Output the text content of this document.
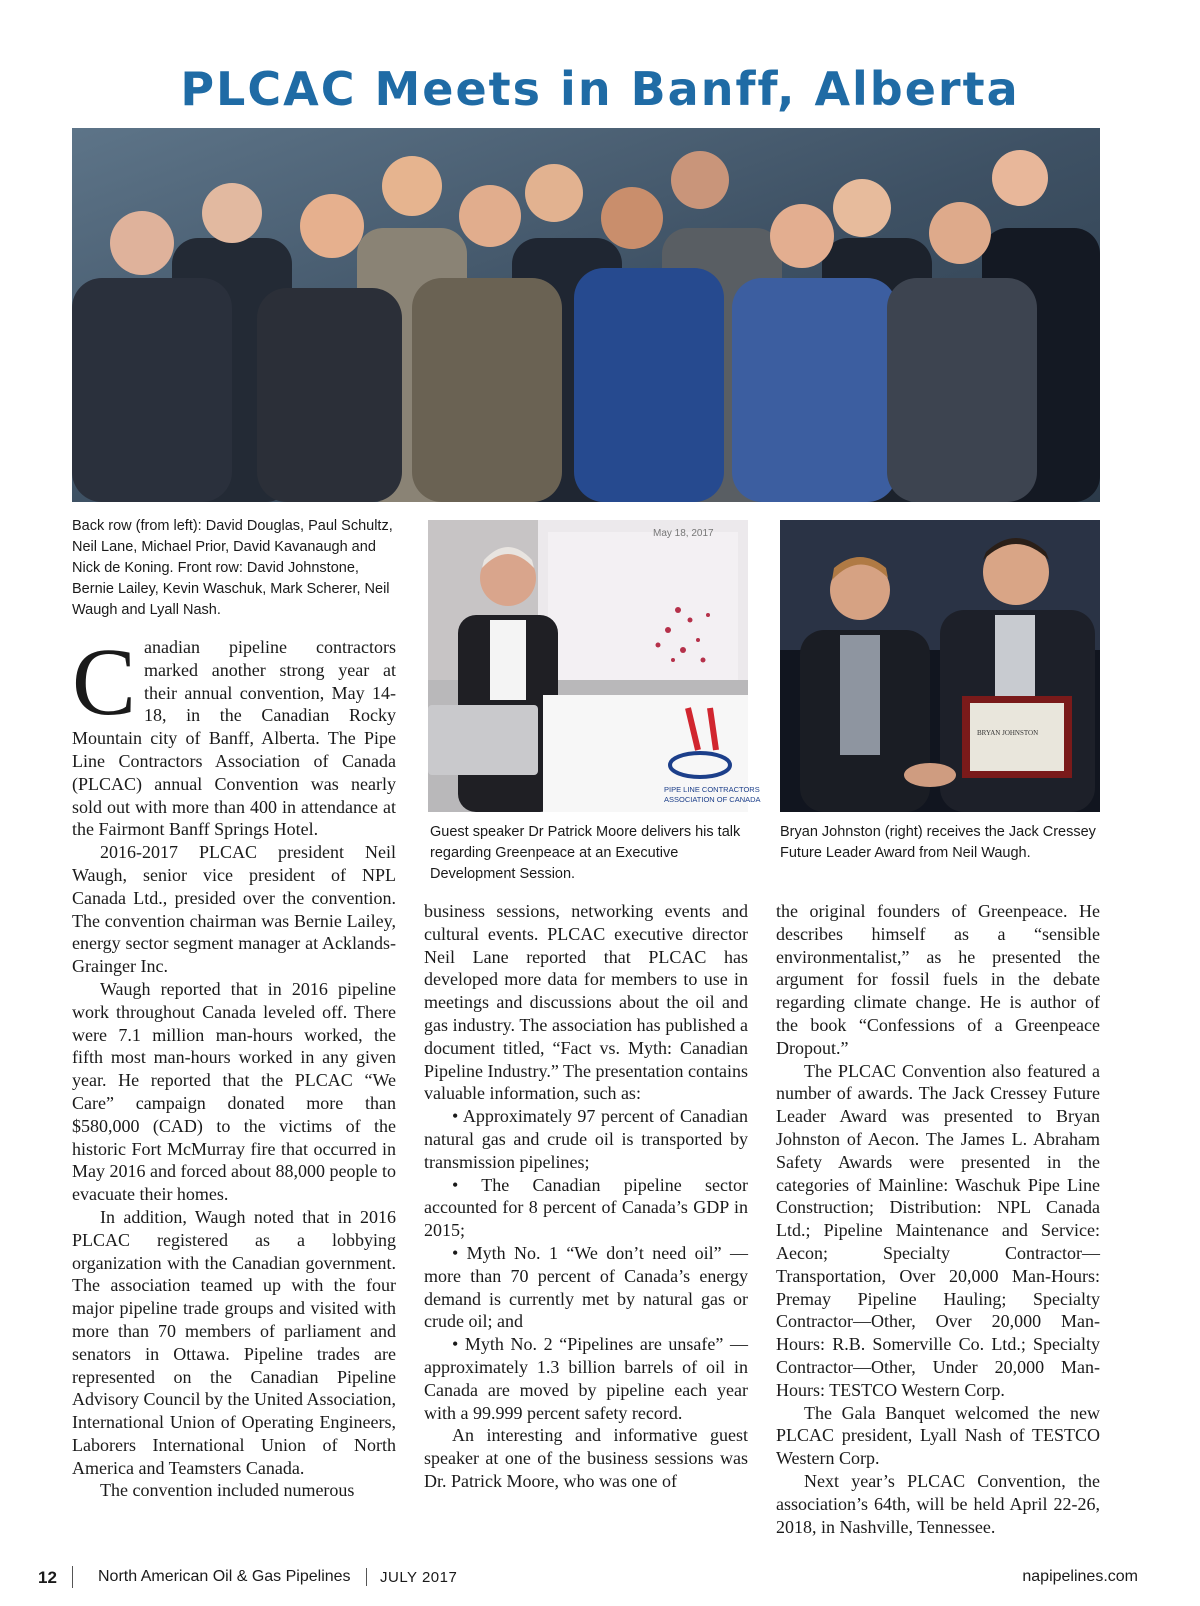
PLCAC Meets in Banff, Alberta
Back row (from left): David Douglas, Paul Schultz, Neil Lane, Michael Prior, David Kavanaugh and Nick de Koning. Front row: David Johnstone, Bernie Lailey, Kevin Waschuk, Mark Scherer, Neil Waugh and Lyall Nash.
May 18, 2017
PIPE LINE CONTRACTORS
ASSOCIATION OF CANADA
Guest speaker Dr Patrick Moore delivers his talk regarding Greenpeace at an Executive Development Session.
BRYAN JOHNSTON
Bryan Johnston (right) receives the Jack Cressey Future Leader Award from Neil Waugh.

Canadian pipeline contractors marked another strong year at their annual convention, May 14-18, in the Canadian Rocky Mountain city of Banff, Alberta. The Pipe Line Contractors Association of Canada (PLCAC) annual Convention was nearly sold out with more than 400 in attendance at the Fairmont Banff Springs Hotel.

2016-2017 PLCAC president Neil Waugh, senior vice president of NPL Canada Ltd., presided over the convention. The convention chairman was Bernie Lailey, energy sector segment manager at Acklands-Grainger Inc.

Waugh reported that in 2016 pipeline work throughout Canada leveled off. There were 7.1 million man-hours worked, the fifth most man-hours worked in any given year. He reported that the PLCAC “We Care” campaign donated more than $580,000 (CAD) to the victims of the historic Fort McMurray fire that occurred in May 2016 and forced about 88,000 people to evacuate their homes.

In addition, Waugh noted that in 2016 PLCAC registered as a lobbying organization with the Canadian government. The association teamed up with the four major pipeline trade groups and visited with more than 70 members of parliament and senators in Ottawa. Pipeline trades are represented on the Canadian Pipeline Advisory Council by the United Association, International Union of Operating Engineers, Laborers International Union of North America and Teamsters Canada.

The convention included numerous

business sessions, networking events and cultural events. PLCAC executive director Neil Lane reported that PLCAC has developed more data for members to use in meetings and discussions about the oil and gas industry. The association has published a document titled, “Fact vs. Myth: Canadian Pipeline Industry.” The presentation contains valuable information, such as:

• Approximately 97 percent of Canadian natural gas and crude oil is transported by transmission pipelines;

• The Canadian pipeline sector accounted for 8 percent of Canada’s GDP in 2015;

• Myth No. 1 “We don’t need oil” — more than 70 percent of Canada’s energy demand is currently met by natural gas or crude oil; and

• Myth No. 2 “Pipelines are unsafe” — approximately 1.3 billion barrels of oil in Canada are moved by pipeline each year with a 99.999 percent safety record.

An interesting and informative guest speaker at one of the business sessions was Dr. Patrick Moore, who was one of

the original founders of Greenpeace. He describes himself as a “sensible environmentalist,” as he presented the argument for fossil fuels in the debate regarding climate change. He is author of the book “Confessions of a Greenpeace Dropout.”

The PLCAC Convention also featured a number of awards. The Jack Cressey Future Leader Award was presented to Bryan Johnston of Aecon. The James L. Abraham Safety Awards were presented in the categories of Mainline: Waschuk Pipe Line Construction; Distribution: NPL Canada Ltd.; Pipeline Maintenance and Service: Aecon; Specialty Contractor—Transportation, Over 20,000 Man-Hours: Premay Pipeline Hauling; Specialty Contractor—Other, Over 20,000 Man-Hours: R.B. Somerville Co. Ltd.; Specialty Contractor—Other, Under 20,000 Man-Hours: TESTCO Western Corp.

The Gala Banquet welcomed the new PLCAC president, Lyall Nash of TESTCO Western Corp.

Next year’s PLCAC Convention, the association’s 64th, will be held April 22-26, 2018, in Nashville, Tennessee.

12	North American Oil & Gas Pipelines JULY 2017	napipelines.com
